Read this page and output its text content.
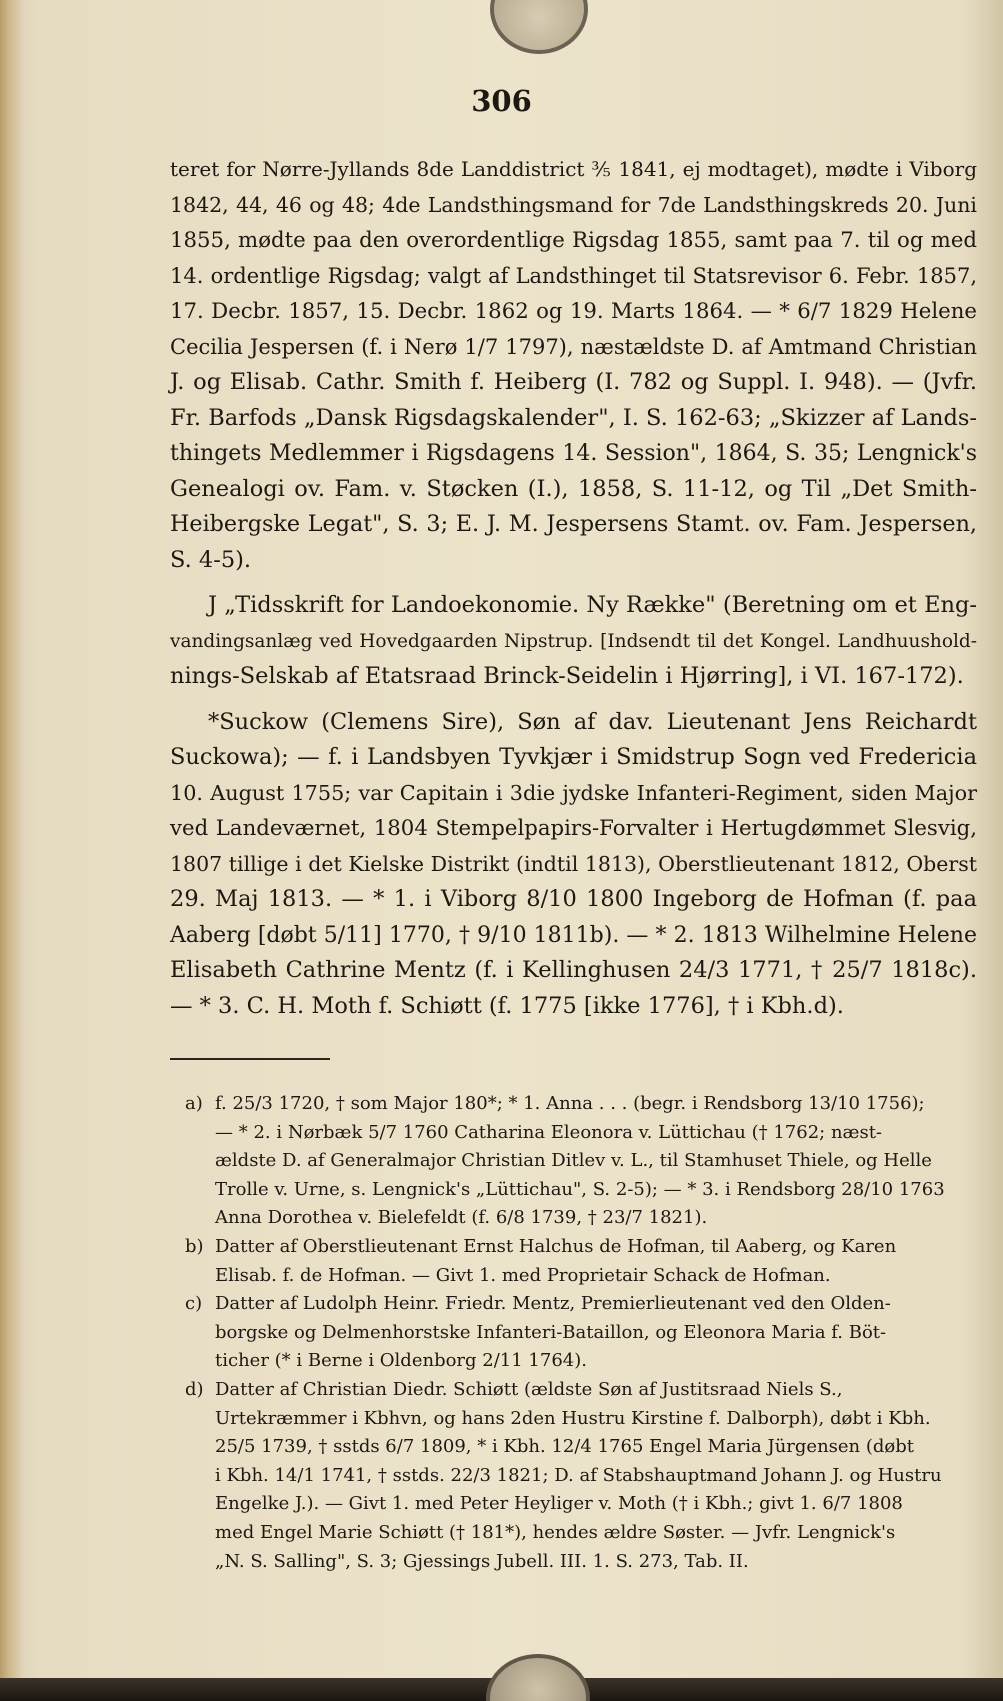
306

teret for Nørre-Jyllands 8de Landdistrict ⅗ 1841, ej modtaget), mødte i Viborg

1842, 44, 46 og 48; 4de Landsthingsmand for 7de Landsthingskreds 20. Juni

1855, mødte paa den overordentlige Rigsdag 1855, samt paa 7. til og med

14. ordentlige Rigsdag; valgt af Landsthinget til Statsrevisor 6. Febr. 1857,

17. Decbr. 1857, 15. Decbr. 1862 og 19. Marts 1864. — * 6/7 1829 Helene

Cecilia Jespersen (f. i Nerø 1/7 1797), næstældste D. af Amtmand Christian

J. og Elisab. Cathr. Smith f. Heiberg (I. 782 og Suppl. I. 948). — (Jvfr.

Fr. Barfods „Dansk Rigsdagskalender", I. S. 162-63; „Skizzer af Lands-

thingets Medlemmer i Rigsdagens 14. Session", 1864, S. 35; Lengnick's

Genealogi ov. Fam. v. Støcken (I.), 1858, S. 11-12, og Til „Det Smith-

Heibergske Legat", S. 3; E. J. M. Jespersens Stamt. ov. Fam. Jespersen,

S. 4-5).

J „Tidsskrift for Landoekonomie. Ny Række" (Beretning om et Eng-

vandingsanlæg ved Hovedgaarden Nipstrup. [Indsendt til det Kongel. Landhuushold-

nings-Selskab af Etatsraad Brinck-Seidelin i Hjørring], i VI. 167-172).

*Suckow (Clemens Sire), Søn af dav. Lieutenant Jens Reichardt

Suckowa); — f. i Landsbyen Tyvkjær i Smidstrup Sogn ved Fredericia

10. August 1755; var Capitain i 3die jydske Infanteri-Regiment, siden Major

ved Landeværnet, 1804 Stempelpapirs-Forvalter i Hertugdømmet Slesvig,

1807 tillige i det Kielske Distrikt (indtil 1813), Oberstlieutenant 1812, Oberst

29. Maj 1813. — * 1. i Viborg 8/10 1800 Ingeborg de Hofman (f. paa

Aaberg [døbt 5/11] 1770, † 9/10 1811b). — * 2. 1813 Wilhelmine Helene

Elisabeth Cathrine Mentz (f. i Kellinghusen 24/3 1771, † 25/7 1818c).

— * 3. C. H. Moth f. Schiøtt (f. 1775 [ikke 1776], † i Kbh.d).

a) f. 25/3 1720, † som Major 180*; * 1. Anna . . . (begr. i Rendsborg 13/10 1756);
— * 2. i Nørbæk 5/7 1760 Catharina Eleonora v. Lüttichau († 1762; næst-
ældste D. af Generalmajor Christian Ditlev v. L., til Stamhuset Thiele, og Helle
Trolle v. Urne, s. Lengnick's „Lüttichau", S. 2-5); — * 3. i Rendsborg 28/10 1763
Anna Dorothea v. Bielefeldt (f. 6/8 1739, † 23/7 1821).
b) Datter af Oberstlieutenant Ernst Halchus de Hofman, til Aaberg, og Karen
Elisab. f. de Hofman. — Givt 1. med Proprietair Schack de Hofman.
c) Datter af Ludolph Heinr. Friedr. Mentz, Premierlieutenant ved den Olden-
borgske og Delmenhorstske Infanteri-Bataillon, og Eleonora Maria f. Böt-
ticher (* i Berne i Oldenborg 2/11 1764).
d) Datter af Christian Diedr. Schiøtt (ældste Søn af Justitsraad Niels S.,
Urtekræmmer i Kbhvn, og hans 2den Hustru Kirstine f. Dalborph), døbt i Kbh.
25/5 1739, † sstds 6/7 1809, * i Kbh. 12/4 1765 Engel Maria Jürgensen (døbt
i Kbh. 14/1 1741, † sstds. 22/3 1821; D. af Stabshauptmand Johann J. og Hustru
Engelke J.). — Givt 1. med Peter Heyliger v. Moth († i Kbh.; givt 1. 6/7 1808
med Engel Marie Schiøtt († 181*), hendes ældre Søster. — Jvfr. Lengnick's
„N. S. Salling", S. 3; Gjessings Jubell. III. 1. S. 273, Tab. II.
